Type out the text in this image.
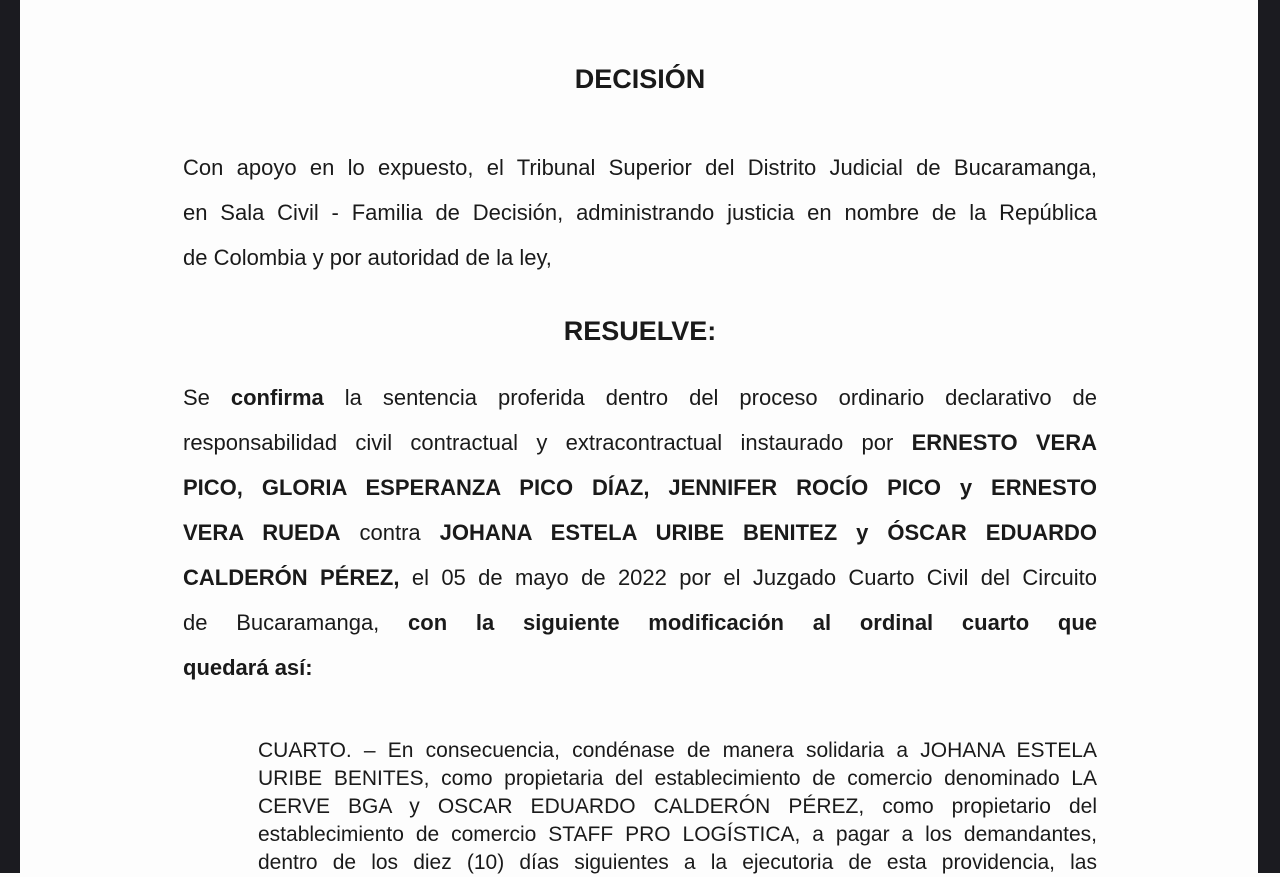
DECISIÓN
Con apoyo en lo expuesto, el Tribunal Superior del Distrito Judicial de Bucaramanga,
en Sala Civil - Familia de Decisión, administrando justicia en nombre de la República
de Colombia y por autoridad de la ley,
RESUELVE:
Se confirma la sentencia proferida dentro del proceso ordinario declarativo de
responsabilidad civil contractual y extracontractual instaurado por ERNESTO VERA
PICO, GLORIA ESPERANZA PICO DÍAZ, JENNIFER ROCÍO PICO y ERNESTO
VERA RUEDA contra JOHANA ESTELA URIBE BENITEZ y ÓSCAR EDUARDO
CALDERÓN PÉREZ, el 05 de mayo de 2022 por el Juzgado Cuarto Civil del Circuito
de Bucaramanga, con la siguiente modificación al ordinal cuarto que
quedará así:
CUARTO. – En consecuencia, condénase de manera solidaria a JOHANA ESTELA
URIBE BENITES, como propietaria del establecimiento de comercio denominado LA
CERVE BGA y OSCAR EDUARDO CALDERÓN PÉREZ, como propietario del
establecimiento de comercio STAFF PRO LOGÍSTICA, a pagar a los demandantes,
dentro de los diez (10) días siguientes a la ejecutoria de esta providencia, las
